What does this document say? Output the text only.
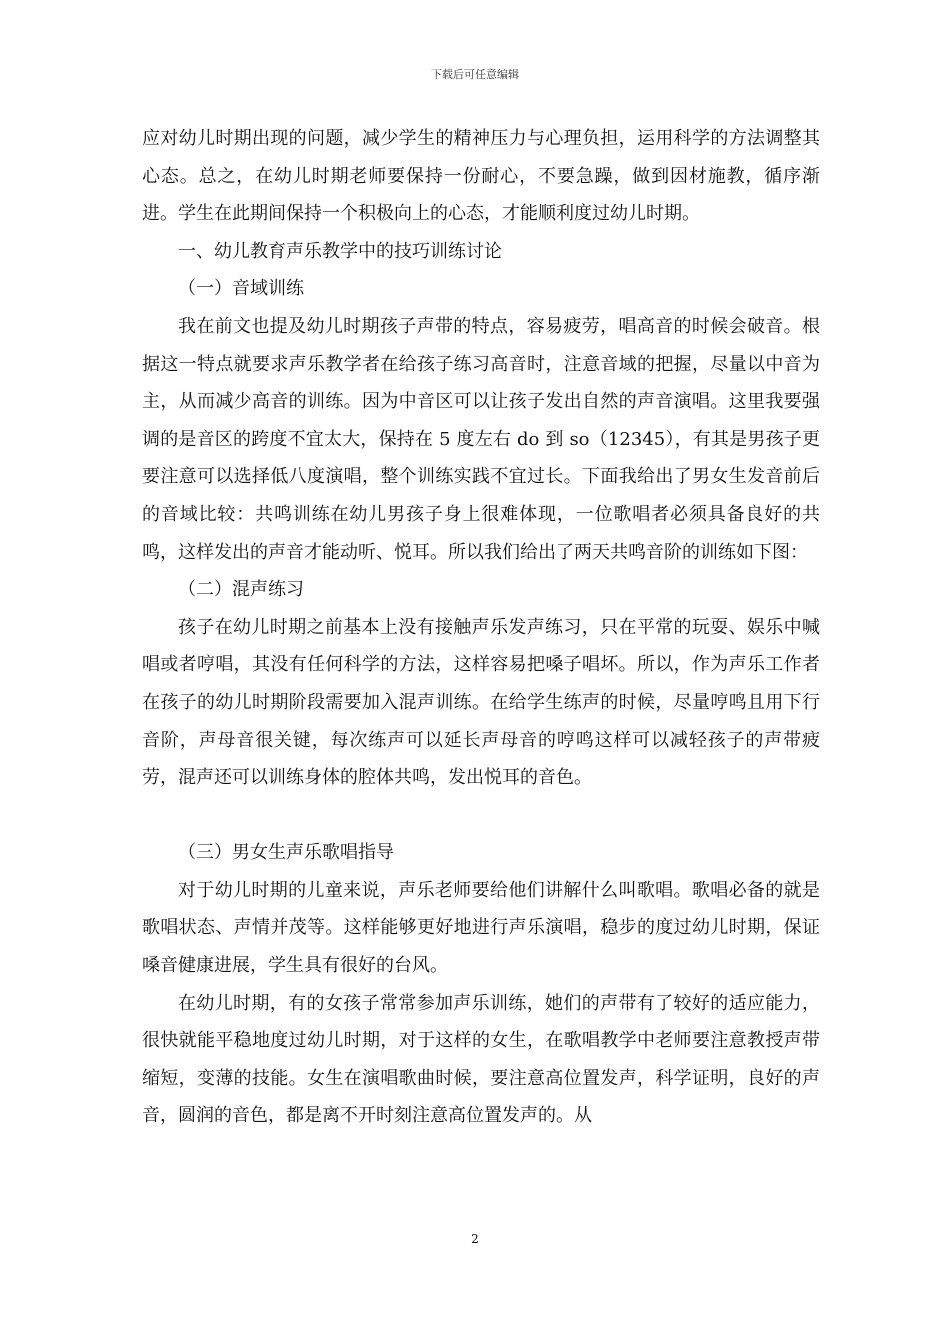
下载后可任意编辑

应对幼儿时期出现的问题，减少学生的精神压力与心理负担，运用科学的方法调整其心态。总之，在幼儿时期老师要保持一份耐心，不要急躁，做到因材施教，循序渐进。学生在此期间保持一个积极向上的心态，才能顺利度过幼儿时期。

一、幼儿教育声乐教学中的技巧训练讨论

（一）音域训练

我在前文也提及幼儿时期孩子声带的特点，容易疲劳，唱高音的时候会破音。根据这一特点就要求声乐教学者在给孩子练习高音时，注意音域的把握，尽量以中音为主，从而减少高音的训练。因为中音区可以让孩子发出自然的声音演唱。这里我要强调的是音区的跨度不宜太大，保持在 5 度左右 do 到 so（12345），有其是男孩子更要注意可以选择低八度演唱，整个训练实践不宜过长。下面我给出了男女生发音前后的音域比较：共鸣训练在幼儿男孩子身上很难体现，一位歌唱者必须具备良好的共鸣，这样发出的声音才能动听、悦耳。所以我们给出了两天共鸣音阶的训练如下图：

（二）混声练习

孩子在幼儿时期之前基本上没有接触声乐发声练习，只在平常的玩耍、娱乐中喊唱或者哼唱，其没有任何科学的方法，这样容易把嗓子唱坏。所以，作为声乐工作者在孩子的幼儿时期阶段需要加入混声训练。在给学生练声的时候，尽量哼鸣且用下行音阶，声母音很关键，每次练声可以延长声母音的哼鸣这样可以减轻孩子的声带疲劳，混声还可以训练身体的腔体共鸣，发出悦耳的音色。

（三）男女生声乐歌唱指导

对于幼儿时期的儿童来说，声乐老师要给他们讲解什么叫歌唱。歌唱必备的就是歌唱状态、声情并茂等。这样能够更好地进行声乐演唱，稳步的度过幼儿时期，保证嗓音健康进展，学生具有很好的台风。

在幼儿时期，有的女孩子常常参加声乐训练，她们的声带有了较好的适应能力，很快就能平稳地度过幼儿时期，对于这样的女生，在歌唱教学中老师要注意教授声带缩短，变薄的技能。女生在演唱歌曲时候，要注意高位置发声，科学证明，良好的声音，圆润的音色，都是离不开时刻注意高位置发声的。从

2
